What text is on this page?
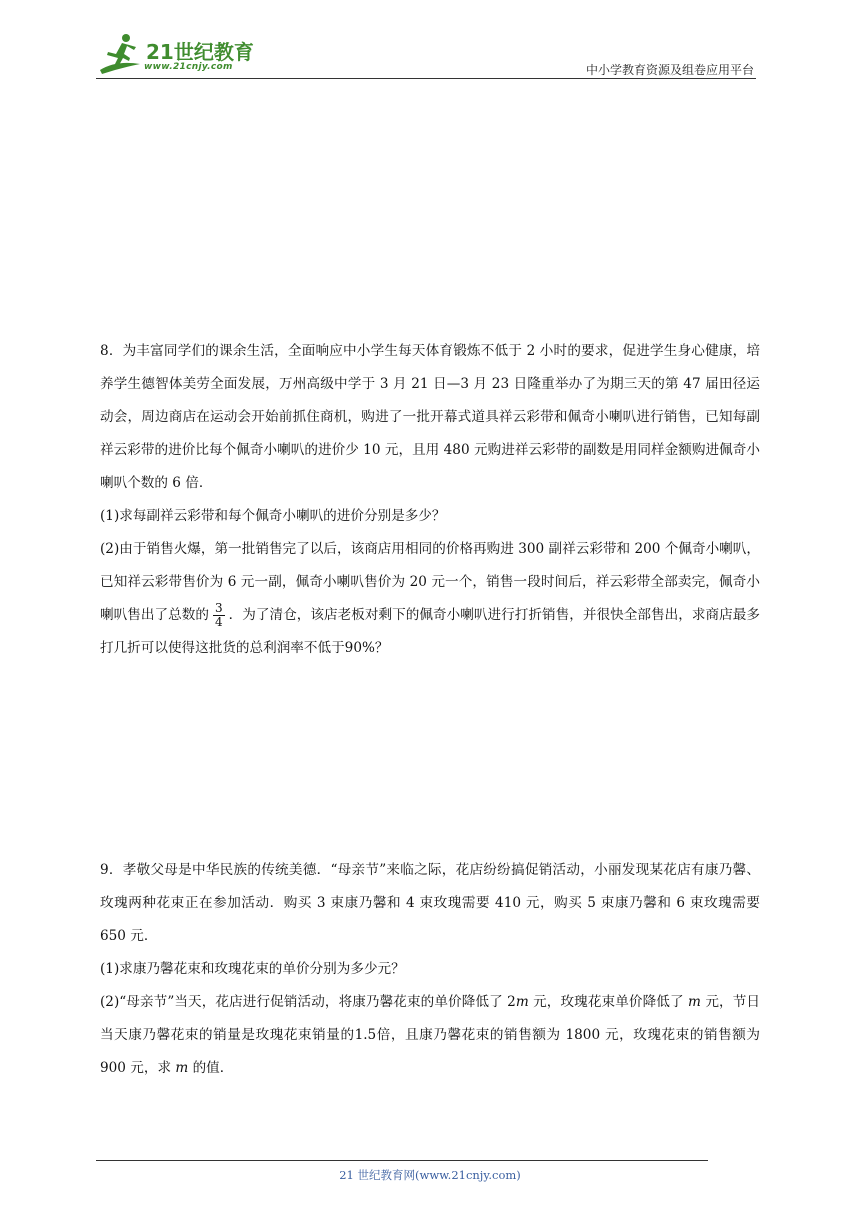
21世纪教育
www.21cnjy.com	中小学教育资源及组卷应用平台

8．为丰富同学们的课余生活，全面响应中小学生每天体育锻炼不低于 2 小时的要求，促进学生身心健康，培养学生德智体美劳全面发展，万州高级中学于 3 月 21 日—3 月 23 日隆重举办了为期三天的第 47 届田径运动会，周边商店在运动会开始前抓住商机，购进了一批开幕式道具祥云彩带和佩奇小喇叭进行销售，已知每副祥云彩带的进价比每个佩奇小喇叭的进价少 10 元，且用 480 元购进祥云彩带的副数是用同样金额购进佩奇小喇叭个数的 6 倍．

(1)求每副祥云彩带和每个佩奇小喇叭的进价分别是多少？

(2)由于销售火爆，第一批销售完了以后，该商店用相同的价格再购进 300 副祥云彩带和 200 个佩奇小喇叭，已知祥云彩带售价为 6 元一副，佩奇小喇叭售价为 20 元一个，销售一段时间后，祥云彩带全部卖完，佩奇小喇叭售出了总数的 $\frac{3}{4}$ ．为了清仓，该店老板对剩下的佩奇小喇叭进行打折销售，并很快全部售出，求商店最多打几折可以使得这批货的总利润率不低于90%？

9．孝敬父母是中华民族的传统美德．“母亲节”来临之际，花店纷纷搞促销活动，小丽发现某花店有康乃馨、玫瑰两种花束正在参加活动．购买 3 束康乃馨和 4 束玫瑰需要 410 元，购买 5 束康乃馨和 6 束玫瑰需要 650 元．

(1)求康乃馨花束和玫瑰花束的单价分别为多少元？

(2)“母亲节”当天，花店进行促销活动，将康乃馨花束的单价降低了 2m 元，玫瑰花束单价降低了 m 元，节日当天康乃馨花束的销量是玫瑰花束销量的1.5倍，且康乃馨花束的销售额为 1800 元，玫瑰花束的销售额为 900 元，求 m 的值．

21 世纪教育网(www.21cnjy.com)
